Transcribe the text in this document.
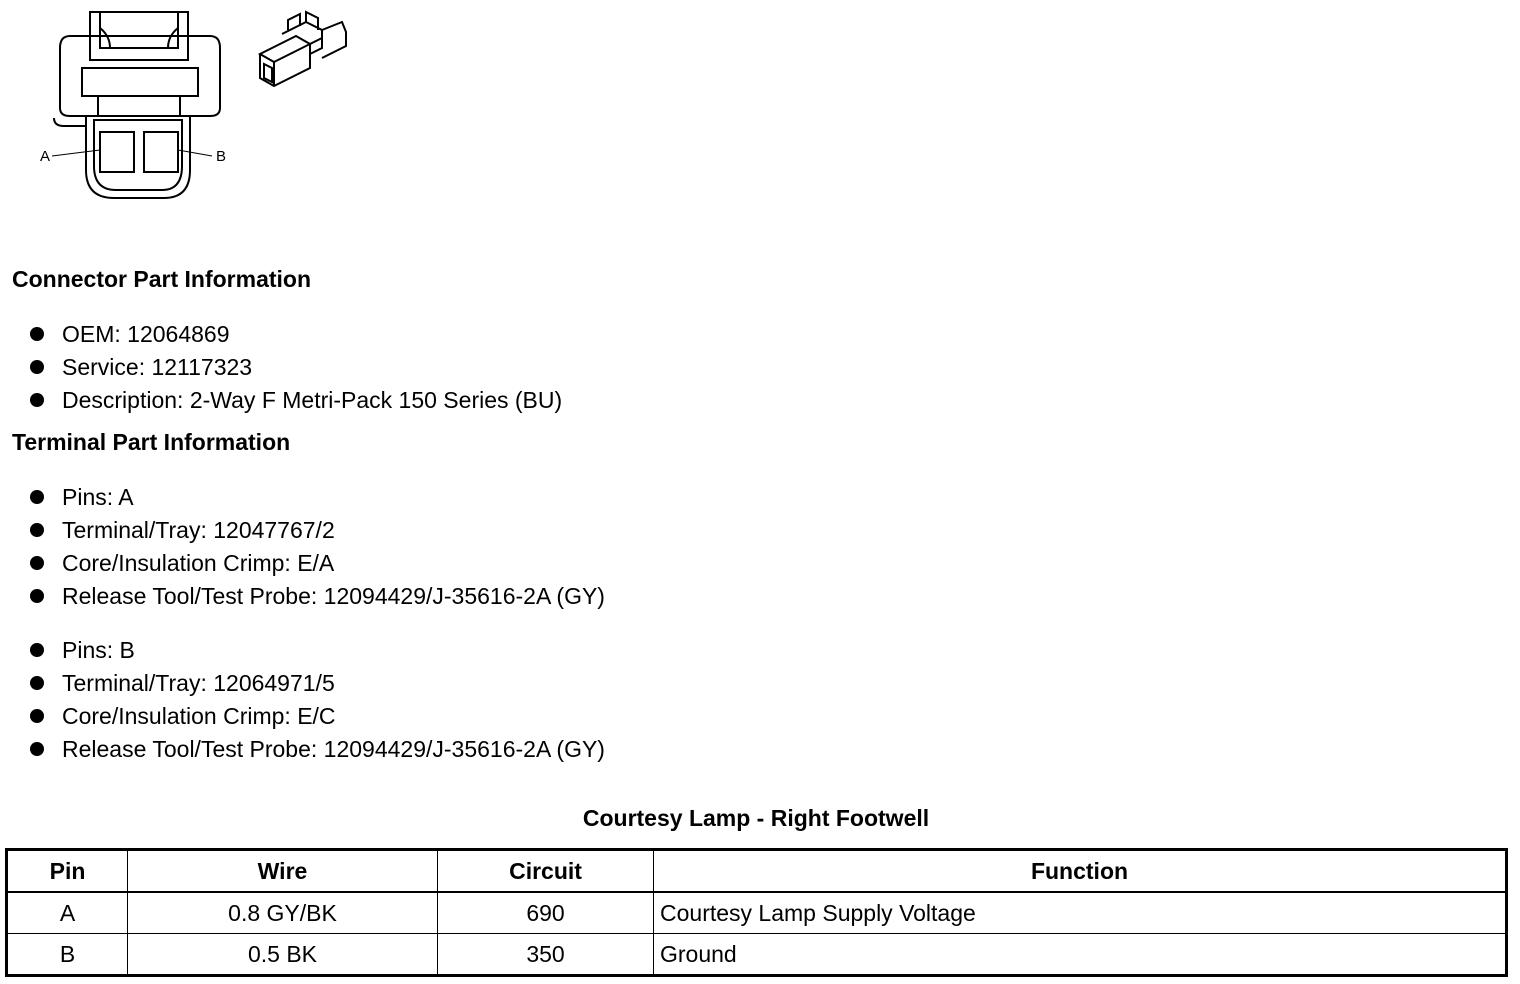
A	B
Connector Part Information
OEM: 12064869
Service: 12117323
Description: 2-Way F Metri-Pack 150 Series (BU)
Terminal Part Information
Pins: A
Terminal/Tray: 12047767/2
Core/Insulation Crimp: E/A
Release Tool/Test Probe: 12094429/J-35616-2A (GY)
Pins: B
Terminal/Tray: 12064971/5
Core/Insulation Crimp: E/C
Release Tool/Test Probe: 12094429/J-35616-2A (GY)
Courtesy Lamp - Right Footwell
Pin	Wire	Circuit	Function
A	0.8 GY/BK	690	Courtesy Lamp Supply Voltage
B	0.5 BK	350	Ground
